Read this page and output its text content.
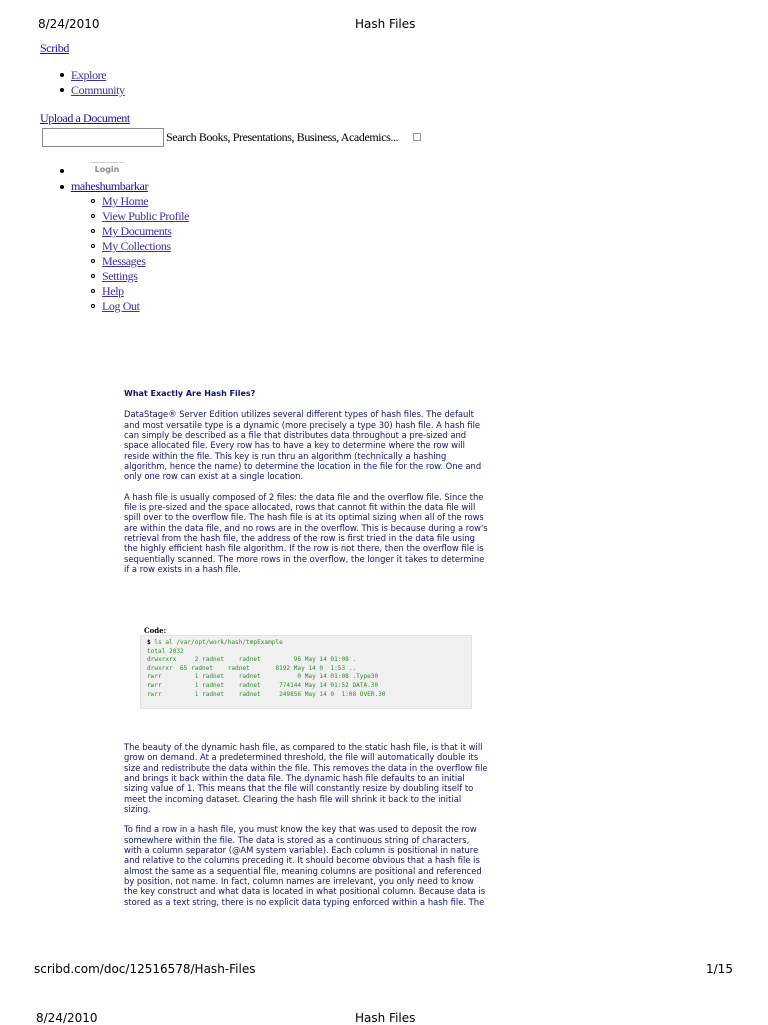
8/24/2010	Hash Files
Scribd
Explore
Community
Upload a Document
Search Books, Presentations, Business, Academics...
Login
maheshumbarkar
My Home
View Public Profile
My Documents
My Collections
Messages
Settings
Help
Log Out
What Exactly Are Hash Files?

DataStage® Server Edition utilizes several different types of hash files. The default and most versatile type is a dynamic (more precisely a type 30) hash file. A hash file can simply be described as a file that distributes data throughout a pre-sized and space allocated file. Every row has to have a key to determine where the row will reside within the file. This key is run thru an algorithm (technically a hashing algorithm, hence the name) to determine the location in the file for the row. One and only one row can exist at a single location.

A hash file is usually composed of 2 files: the data file and the overflow file. Since the file is pre-sized and the space allocated, rows that cannot fit within the data file will spill over to the overflow file. The hash file is at its optimal sizing when all of the rows are within the data file, and no rows are in the overflow. This is because during a row's retrieval from the hash file, the address of the row is first tried in the data file using the highly efficient hash file algorithm. If the row is not there, then the overflow file is sequentially scanned. The more rows in the overflow, the longer it takes to determine if a row exists in a hash file.

Code:
$ ls al /var/opt/work/hash/tmpExample
total 2032
drwxrxrx     2 radnet    radnet         96 May 14 01:08 .
drwxrxr  65 radnet    radnet       8192 May 14 0  1:53 ..
rwrr         1 radnet    radnet          0 May 14 01:08 .Type30
rwrr         1 radnet    radnet     774144 May 14 01:52 DATA.30
rwrr         1 radnet    radnet     249856 May 14 0  1:08 OVER.30

The beauty of the dynamic hash file, as compared to the static hash file, is that it will grow on demand. At a predetermined threshold, the file will automatically double its size and redistribute the data within the file. This removes the data in the overflow file and brings it back within the data file. The dynamic hash file defaults to an initial sizing value of 1. This means that the file will constantly resize by doubling itself to meet the incoming dataset. Clearing the hash file will shrink it back to the initial sizing.

To find a row in a hash file, you must know the key that was used to deposit the row somewhere within the file. The data is stored as a continuous string of characters, with a column separator (@AM system variable). Each column is positional in nature and relative to the columns preceding it. It should become obvious that a hash file is almost the same as a sequential file, meaning columns are positional and referenced by position, not name. In fact, column names are irrelevant, you only need to know the key construct and what data is located in what positional column. Because data is stored as a text string, there is no explicit data typing enforced within a hash file. The

scribd.com/doc/12516578/Hash-Files	1/15
8/24/2010	Hash Files
